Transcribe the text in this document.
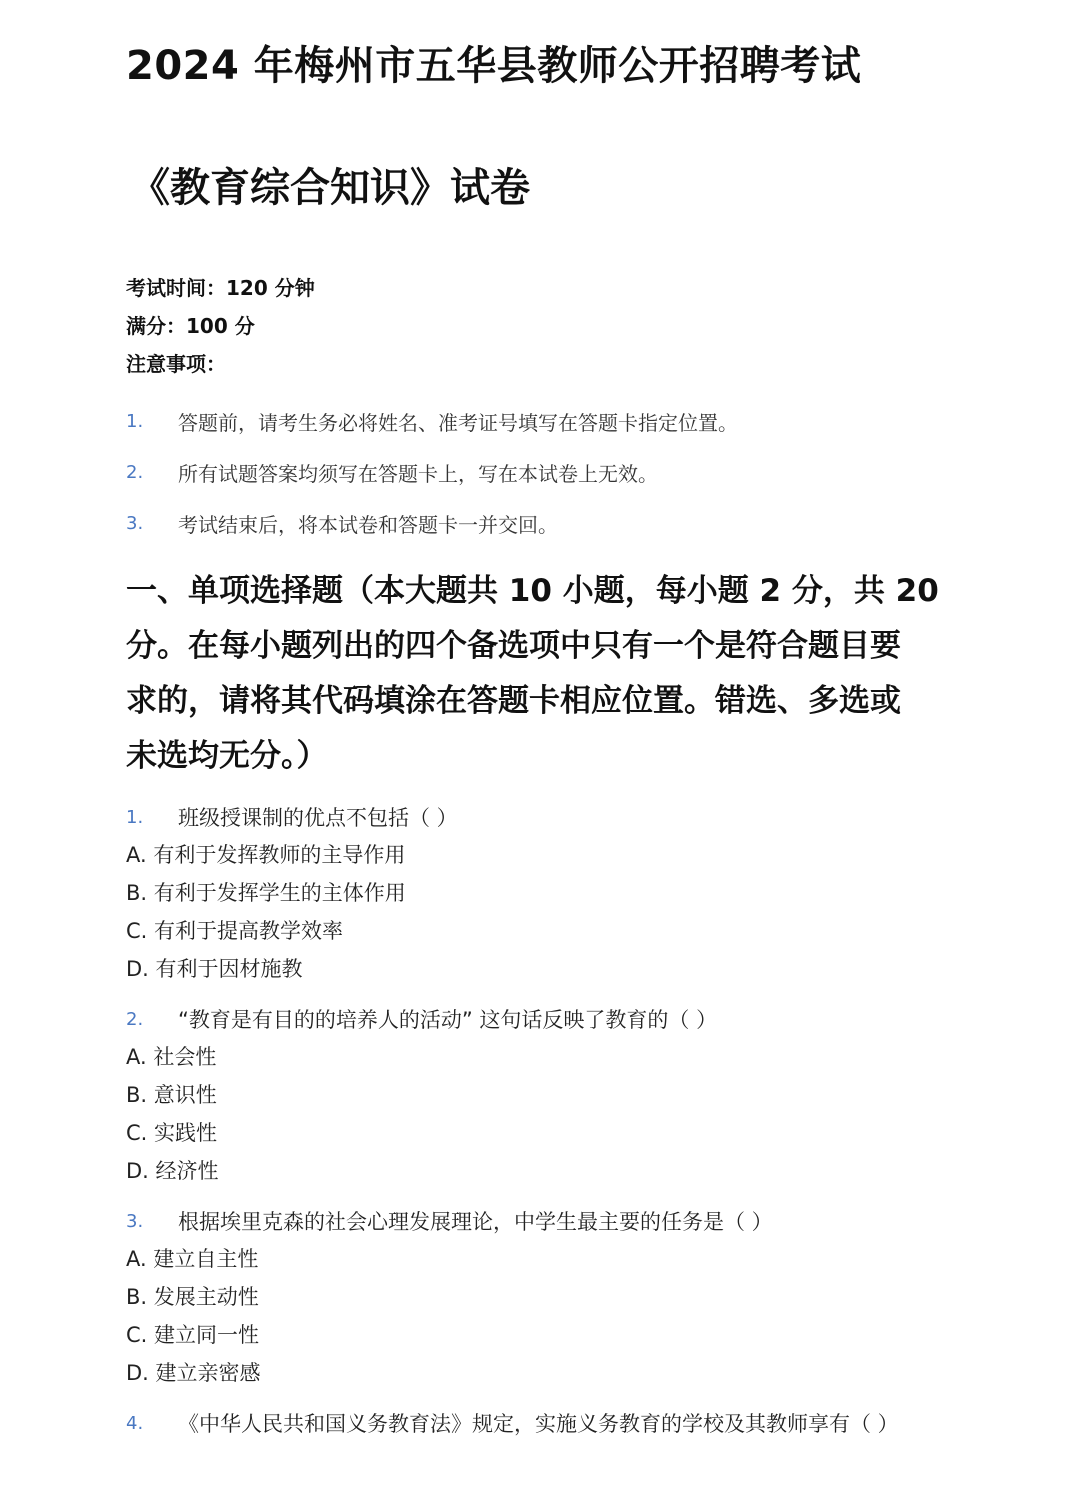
2024 年梅州市五华县教师公开招聘考试
《教育综合知识》试卷
考试时间：120 分钟
满分：100 分
注意事项：
1.	答题前，请考生务必将姓名、准考证号填写在答题卡指定位置。
2.	所有试题答案均须写在答题卡上，写在本试卷上无效。
3.	考试结束后，将本试卷和答题卡一并交回。
一、单项选择题（本大题共 10 小题，每小题 2 分，共 20
分。在每小题列出的四个备选项中只有一个是符合题目要
求的，请将其代码填涂在答题卡相应位置。错选、多选或
未选均无分。）
1.	班级授课制的优点不包括（ ）
A. 有利于发挥教师的主导作用
B. 有利于发挥学生的主体作用
C. 有利于提高教学效率
D. 有利于因材施教
2.	“教育是有目的的培养人的活动” 这句话反映了教育的（ ）
A. 社会性
B. 意识性
C. 实践性
D. 经济性
3.	根据埃里克森的社会心理发展理论，中学生最主要的任务是（ ）
A. 建立自主性
B. 发展主动性
C. 建立同一性
D. 建立亲密感
4.	《中华人民共和国义务教育法》规定，实施义务教育的学校及其教师享有（ ）
